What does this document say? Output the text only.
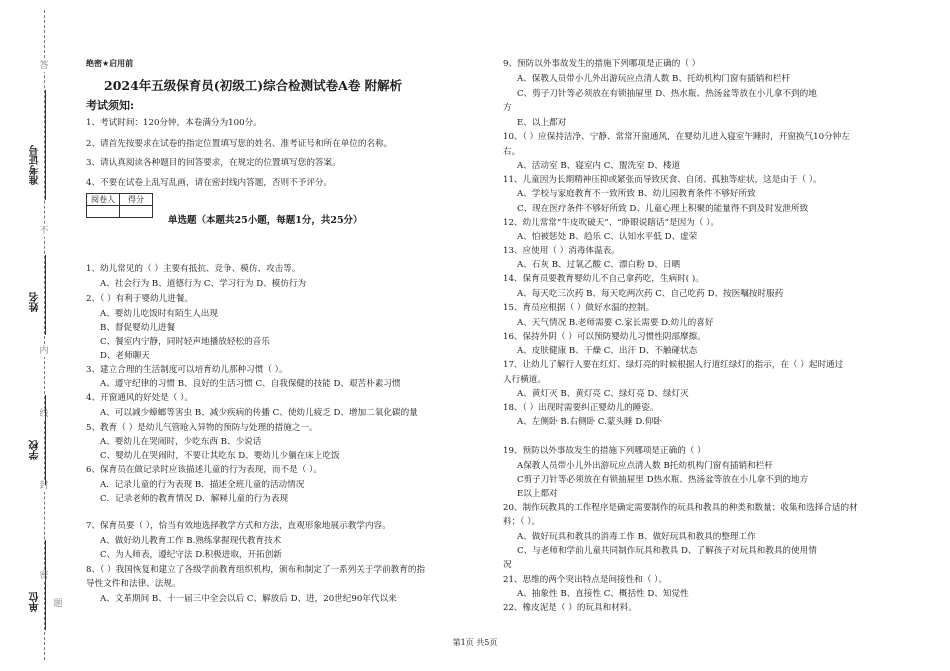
答
不
内
线
封
密
准考证号
姓名
学校
单位 题
绝密★启用前
2024年五级保育员(初级工)综合检测试卷A卷 附解析
考试须知:
1、考试时间：120分钟，本卷满分为100分。
2、请首先按要求在试卷的指定位置填写您的姓名、准考证号和所在单位的名称。
3、请认真阅读各种题目的回答要求，在规定的位置填写您的答案。
4、不要在试卷上乱写乱画，请在密封线内答题，否则不予评分。
阅卷人	得分

单选题（本题共25小题，每题1分，共25分）
1、幼儿常见的（ ）主要有抵抗、竞争、模仿、攻击等。
A、社会行为 B、道德行为 C、学习行为 D、模仿行为
2、（ ）有利于婴幼儿进餐。
A、婴幼儿吃饭时有陌生人出现
B、督促婴幼儿进餐
C、餐室内宁静，同时轻声地播放轻松的音乐
D、老师聊天
3、建立合理的生活制度可以培育幼儿那种习惯（ ）。
A、遵守纪律的习惯 B、良好的生活习惯 C、自我保健的技能 D、艰苦朴素习惯
4、开窗通风的好处是（ ）。
A、可以减少蟑螂等害虫 B、减少疾病的传播 C、使幼儿疲乏 D、增加二氧化碳的量
5、教育（ ）是幼儿气管呛入异物的预防与处理的措施之一。
A、婴幼儿在哭闹时，少吃东西 B、少说话
C、婴幼儿在哭闹时，不要让其吃东 D、婴幼儿少躺在床上吃饭
6、保育员在做记录时应该描述儿童的行为表现，而不是（ ）。
A．记录儿童的行为表现 B．描述全班儿童的活动情况
C．记录老师的教育情况 D．解释儿童的行为表现
7、保育员要（ ），恰当有效地选择教学方式和方法，直观形象地展示教学内容。
A、做好幼儿教育工作 B.熟练掌握现代教育技术
C、为人师表，遵纪守法 D.积极进取，开拓创新
8、（ ）我国恢复和建立了各级学前教育组织机构，颁布和制定了一系列关于学前教育的指
导性文件和法律、法规。
A、文革期间 B、十一届三中全会以后 C、解放后 D、进，20世纪90年代以来
9、预防以外事故发生的措施下列哪项是正确的（ ）
A、保教人员带小儿外出游玩应点清人数 B、托幼机构门窗有插销和栏杆
C、剪子刀针等必须放在有锁抽屉里 D、热水瓶、热汤盆等放在小儿拿不到的地
方
E、以上都对
10、（ ）应保持洁净、宁静、常常开窗通风，在婴幼儿进入寝室午睡时，开窗换气10分钟左
右。
A、活动室 B、寝室内 C、盥洗室 D、楼道
11、儿童因为长期精神压抑或紧张而导致厌食、自闭、孤独等症状，这是由于（ ）。
A、学校与家庭教育不一致所致 B、幼儿园教育条件不够好所致
C、现在医疗条件不够好所致 D、儿童心理上积聚的能量得不到及时发泄所致
12、幼儿常常“牛皮吹破天”、“睁眼说瞎话”是因为（ ）。
A、怕被惩处 B、趋乐 C、认知水平低 D、虚荣
13、应使用（ ）消毒体温表。
A、石灰 B、过氧乙酸 C、漂白粉 D、日晒
14、保育员要教育婴幼儿不自己拿药吃，生病时( )。
A、每天吃三次药 B、每天吃两次药 C、自己吃药 D、按医嘱按时服药
15、育员应根据（ ）做好水温的控制。
A、天气情况 B.老师需要 C.家长需要 D.幼儿的喜好
16、保持外阴（ ）可以预防婴幼儿习惯性阴部摩擦。
A、皮肤健康 B、干燥 C、出汗 D、不触碰状态
17、让幼儿了解行人要在红灯、绿灯亮的时候根据人行道红绿灯的指示，在（ ）起时通过
人行横道。
A、黄灯灭 B、黄灯亮 C、绿灯亮 D、绿灯灭
18、（ ）出现时需要纠正婴幼儿的睡姿。
A、左侧卧 B.右侧卧 C.蒙头睡 D.仰卧
19、预防以外事故发生的措施下列哪项是正确的（ ）
A保教人员带小儿外出游玩应点清人数 B托幼机构门窗有插销和栏杆
C剪子刀针等必须放在有锁抽屉里 D热水瓶、热汤盆等放在小儿拿不到的地方
E以上都对
20、制作玩教具的工作程序是确定需要制作的玩具和教具的种类和数量；收集和选择合适的材
料；（ ）。
A、做好玩具和教具的消毒工作 B、做好玩具和教具的整理工作
C、与老师和学前儿童共同制作玩具和教具 D、了解孩子对玩具和教具的使用情
况
21、思维的两个突出特点是间接性和（ ）。
A、抽象性 B、直接性 C、概括性 D、知觉性
22、橡皮泥是（ ）的玩具和材料。
第1页 共5页
